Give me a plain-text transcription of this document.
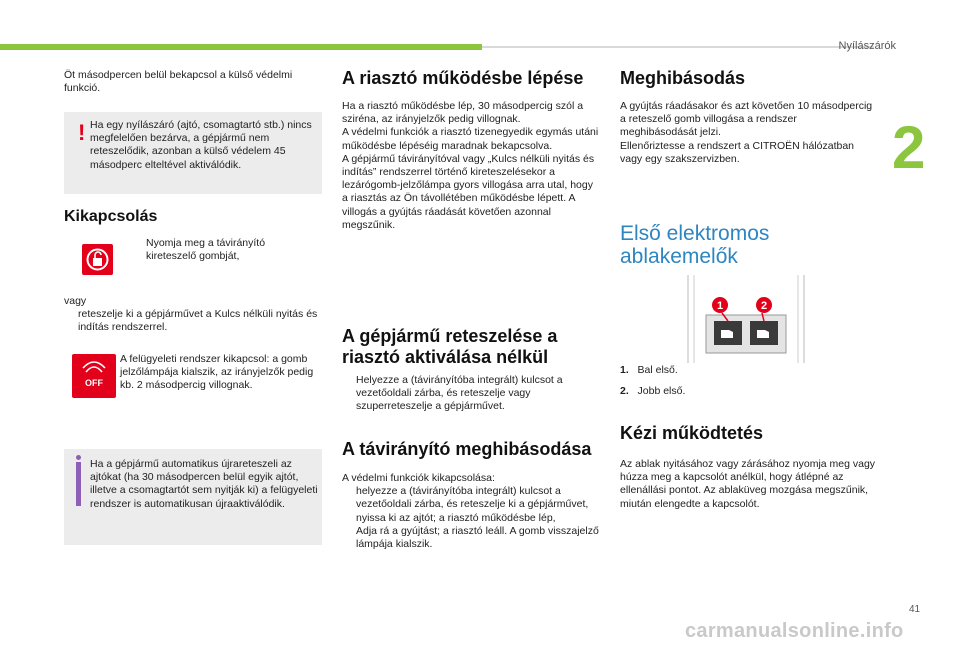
Nyílászárók
2
41
carmanualsonline.info
Öt másodpercen belül bekapcsol a külső védelmi funkció.
! Ha egy nyílászáró (ajtó, csomagtartó stb.) nincs megfelelően bezárva, a gépjármű nem reteszelődik, azonban a külső védelem 45 másodperc elteltével aktiválódik.
Kikapcsolás

Nyomja meg a távirányító kireteszelő gombját,

vagy

reteszelje ki a gépjárművet a Kulcs nélküli nyitás és indítás rendszerrel.

OFF
A felügyeleti rendszer kikapcsol: a gomb jelzőlámpája kialszik, az irányjelzők pedig kb. 2 másodpercig villognak.
Ha a gépjármű automatikus újrareteszeli az ajtókat (ha 30 másodpercen belül egyik ajtót, illetve a csomagtartót sem nyitják ki) a felügyeleti rendszer is automatikusan újraaktiválódik.
A riasztó működésbe lépése
Ha a riasztó működésbe lép, 30 másodpercig szól a sziréna, az irányjelzők pedig villognak.
A védelmi funkciók a riasztó tizenegyedik egymás utáni működésbe lépéséig maradnak bekapcsolva.
A gépjármű távirányítóval vagy „Kulcs nélküli nyitás és indítás” rendszerrel történő kireteszelésekor a lezárógomb-jelzőlámpa gyors villogása arra utal, hogy a riasztás az Ön távollétében működésbe lépett. A villogás a gyújtás ráadását követően azonnal megszűnik.
A gépjármű reteszelése a riasztó aktiválása nélkül

Helyezze a (távirányítóba integrált) kulcsot a vezetőoldali zárba, és reteszelje vagy szuperreteszelje a gépjárművet.

A távirányító meghibásodása
A védelmi funkciók kikapcsolása:

helyezze a (távirányítóba integrált) kulcsot a vezetőoldali zárba, és reteszelje ki a gépjárművet,

nyissa ki az ajtót; a riasztó működésbe lép,

Adja rá a gyújtást; a riasztó leáll. A gomb visszajelző lámpája kialszik.

Meghibásodás
A gyújtás ráadásakor és azt követően 10 másodpercig a reteszelő gomb villogása a rendszer meghibásodását jelzi.
Ellenőriztesse a rendszert a CITROËN hálózatban vagy egy szakszervizben.
Első elektromos ablakemelők
1	2
1. Bal első.
2. Jobb első.
Kézi működtetés
Az ablak nyitásához vagy zárásához nyomja meg vagy húzza meg a kapcsolót anélkül, hogy átlépné az ellenállási pontot. Az ablaküveg mozgása megszűnik, miután elengedte a kapcsolót.
